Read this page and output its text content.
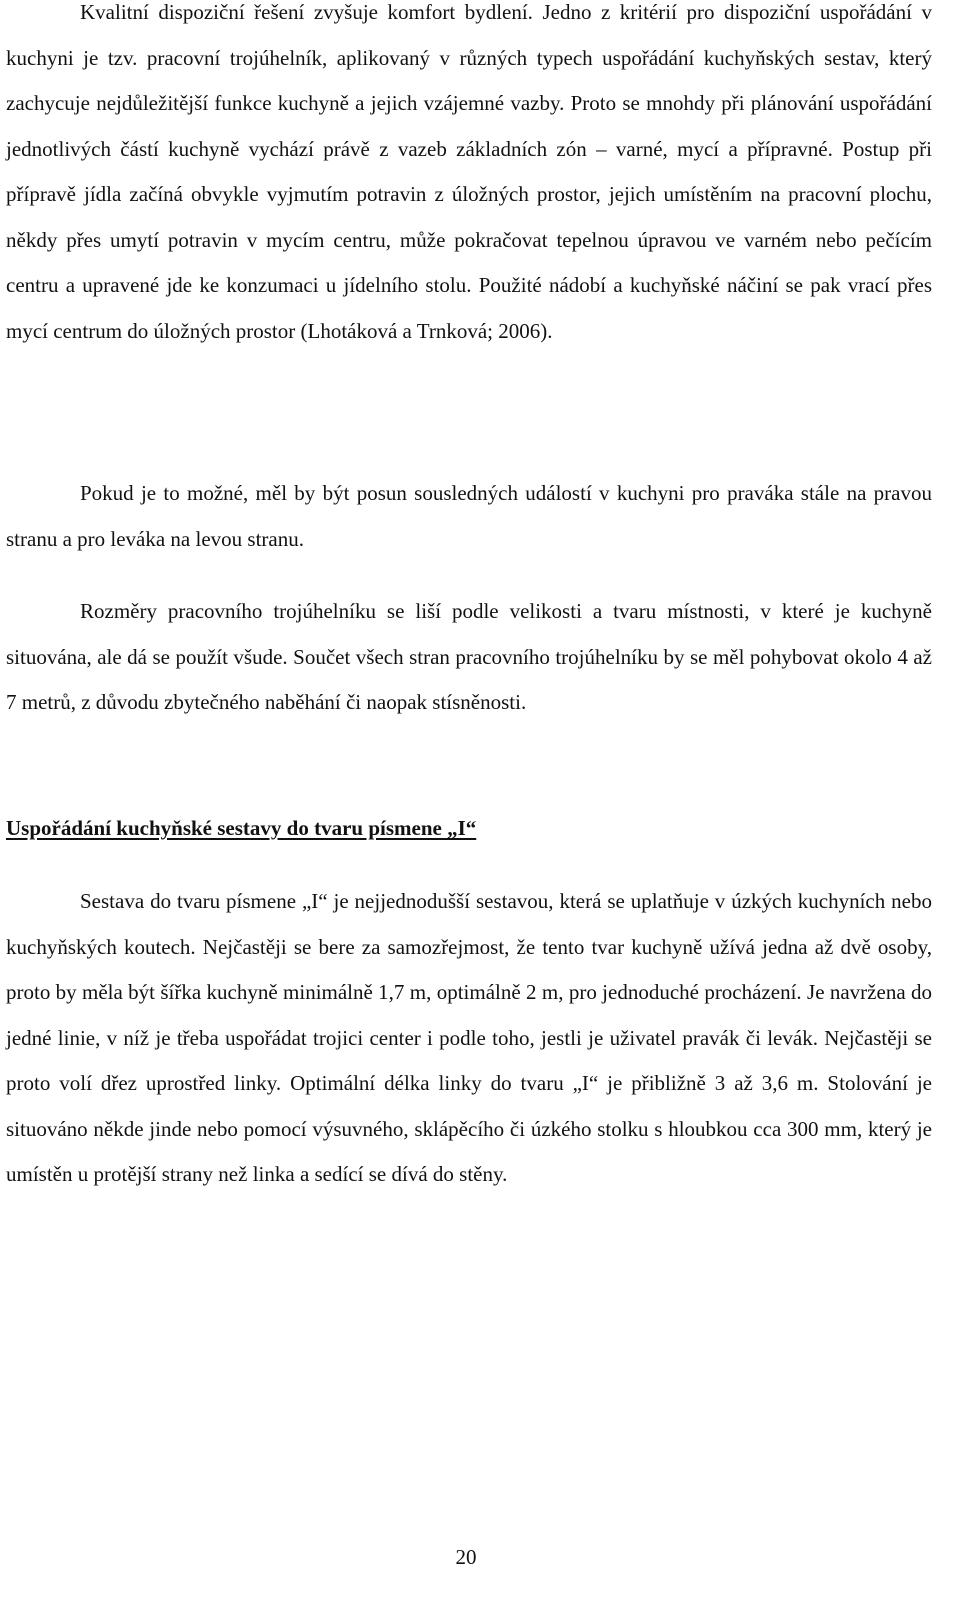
Kvalitní dispoziční řešení zvyšuje komfort bydlení. Jedno z kritérií pro dispoziční uspořádání v kuchyni je tzv. pracovní trojúhelník, aplikovaný v různých typech uspořádání kuchyňských sestav, který zachycuje nejdůležitější funkce kuchyně a jejich vzájemné vazby. Proto se mnohdy při plánování uspořádání jednotlivých částí kuchyně vychází právě z vazeb základních zón – varné, mycí a přípravné. Postup při přípravě jídla začíná obvykle vyjmutím potravin z úložných prostor, jejich umístěním na pracovní plochu, někdy přes umytí potravin v mycím centru, může pokračovat tepelnou úpravou ve varném nebo pečícím centru a upravené jde ke konzumaci u jídelního stolu. Použité nádobí a kuchyňské náčiní se pak vrací přes mycí centrum do úložných prostor (Lhotáková a Trnková; 2006).

Pokud je to možné, měl by být posun sousledných událostí v kuchyni pro praváka stále na pravou stranu a pro leváka na levou stranu.

Rozměry pracovního trojúhelníku se liší podle velikosti a tvaru místnosti, v které je kuchyně situována, ale dá se použít všude. Součet všech stran pracovního trojúhelníku by se měl pohybovat okolo 4 až 7 metrů, z důvodu zbytečného naběhání či naopak stísněnosti.

Uspořádání kuchyňské sestavy do tvaru písmene „I“

Sestava do tvaru písmene „I“ je nejjednodušší sestavou, která se uplatňuje v úzkých kuchyních nebo kuchyňských koutech. Nejčastěji se bere za samozřejmost, že tento tvar kuchyně užívá jedna až dvě osoby, proto by měla být šířka kuchyně minimálně 1,7 m, optimálně 2 m, pro jednoduché procházení. Je navržena do jedné linie, v níž je třeba uspořádat trojici center i podle toho, jestli je uživatel pravák či levák. Nejčastěji se proto volí dřez uprostřed linky. Optimální délka linky do tvaru „I“ je přibližně 3 až 3,6 m. Stolování je situováno někde jinde nebo pomocí výsuvného, sklápěcího či úzkého stolku s hloubkou cca 300 mm, který je umístěn u protější strany než linka a sedící se dívá do stěny.

20
